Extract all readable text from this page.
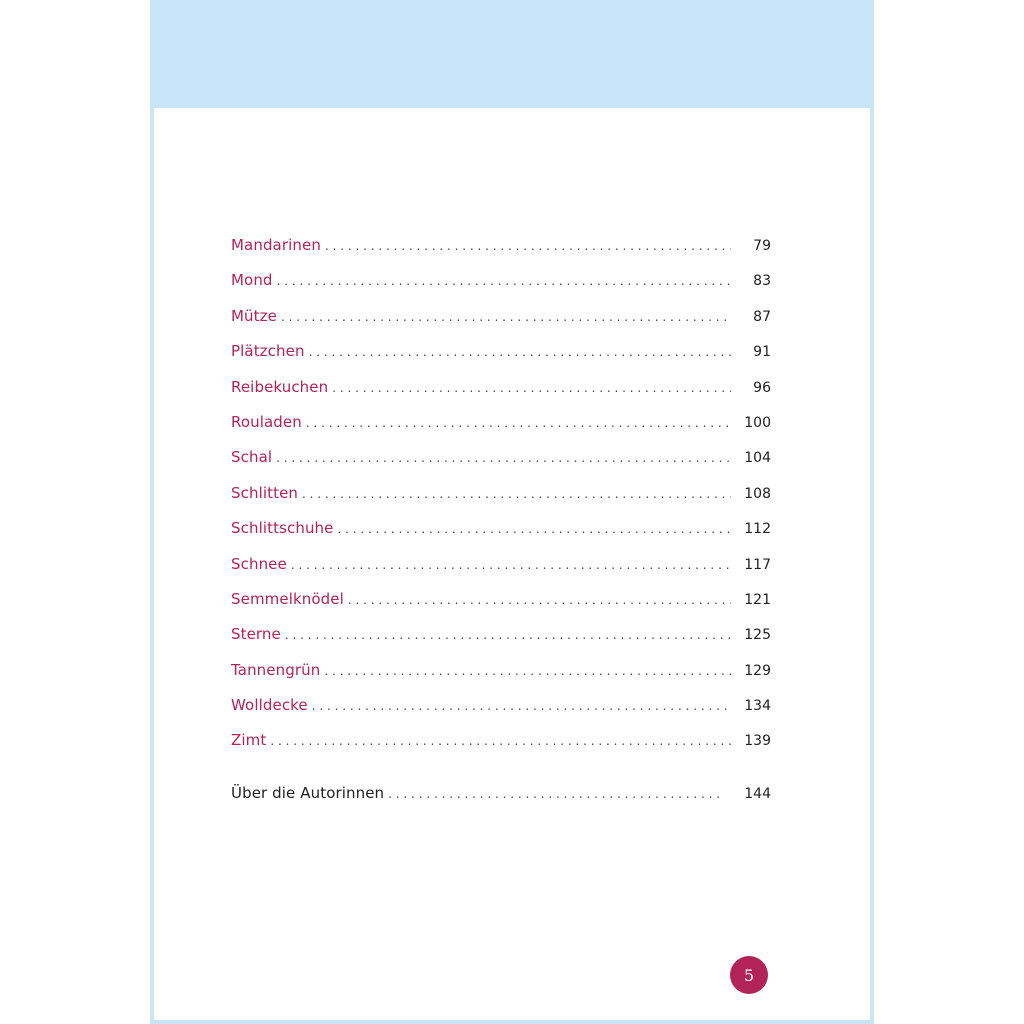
Mandarinen . . .	79
Mond . . .	83
Mütze . . .	87
Plätzchen . . .	91
Reibekuchen . . .	96
Rouladen . . .	100
Schal . . .	104
Schlitten . . .	108
Schlittschuhe . . .	112
Schnee . . .	117
Semmelknödel . . .	121
Sterne . . .	125
Tannengrün . . .	129
Wolldecke . . .	134
Zimt . . .	139
Über die Autorinnen . . .	144
5
